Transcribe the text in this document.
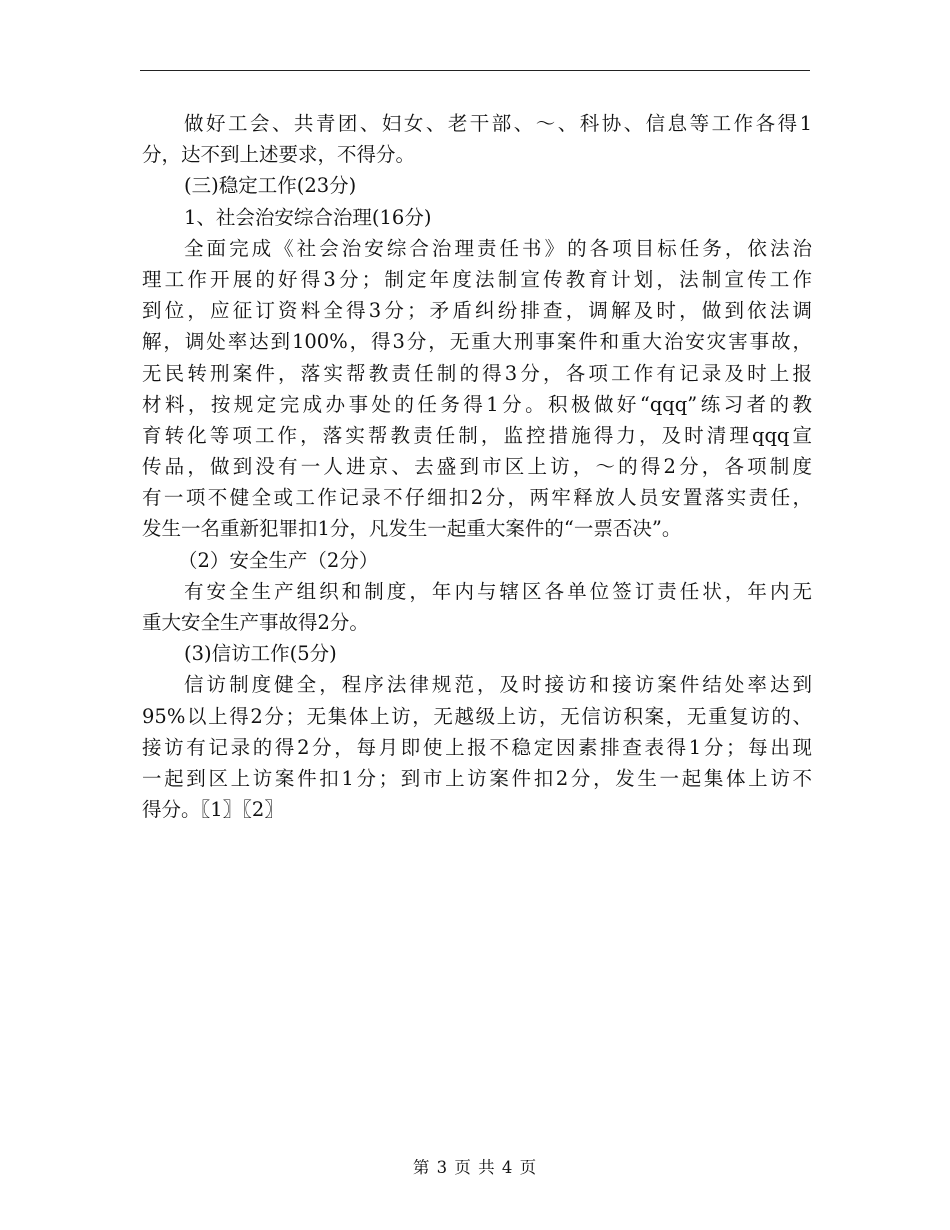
做好工会、共青团、妇女、老干部、～、科协、信息等工作各得1
分，达不到上述要求，不得分。
(三)稳定工作(23分)
1、社会治安综合治理(16分)
全面完成《社会治安综合治理责任书》的各项目标任务，依法治
理工作开展的好得3分；制定年度法制宣传教育计划，法制宣传工作
到位，应征订资料全得3分；矛盾纠纷排查，调解及时，做到依法调
解，调处率达到100%，得3分，无重大刑事案件和重大治安灾害事故，
无民转刑案件，落实帮教责任制的得3分，各项工作有记录及时上报
材料，按规定完成办事处的任务得1分。积极做好“qqq”练习者的教
育转化等项工作，落实帮教责任制，监控措施得力，及时清理qqq宣
传品，做到没有一人进京、去盛到市区上访，～的得2分，各项制度
有一项不健全或工作记录不仔细扣2分，两牢释放人员安置落实责任，
发生一名重新犯罪扣1分，凡发生一起重大案件的“一票否决”。
（2）安全生产（2分）
有安全生产组织和制度，年内与辖区各单位签订责任状，年内无
重大安全生产事故得2分。
(3)信访工作(5分)
信访制度健全，程序法律规范，及时接访和接访案件结处率达到
95%以上得2分；无集体上访，无越级上访，无信访积案，无重复访的、
接访有记录的得2分，每月即使上报不稳定因素排查表得1分；每出现
一起到区上访案件扣1分；到市上访案件扣2分，发生一起集体上访不
得分。〖1〗〖2〗
第 3 页 共 4 页
